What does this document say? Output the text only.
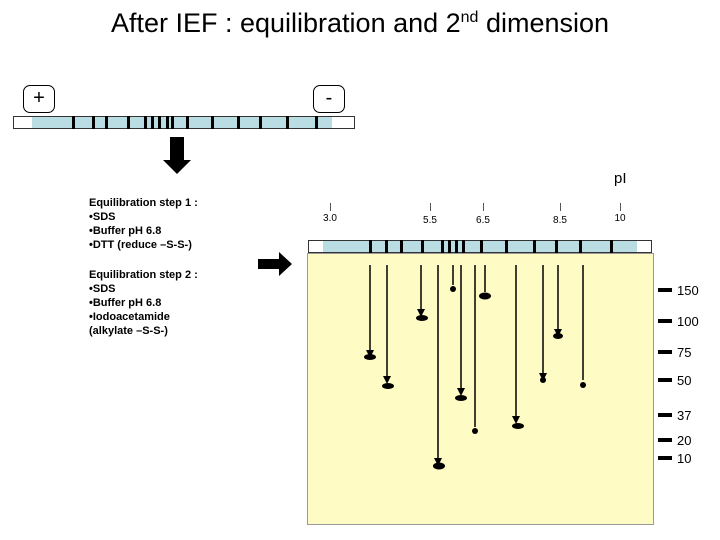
After IEF : equilibration and 2nd dimension
+	-
pI
3.0	5.5	6.5	8.5	10
Equilibration step 1 :
•SDS
•Buffer pH 6.8
•DTT (reduce –S-S-)
Equilibration step 2 :
•SDS
•Buffer pH 6.8
•Iodoacetamide
(alkylate –S-S-)
150
100
75
50
37
20
10
